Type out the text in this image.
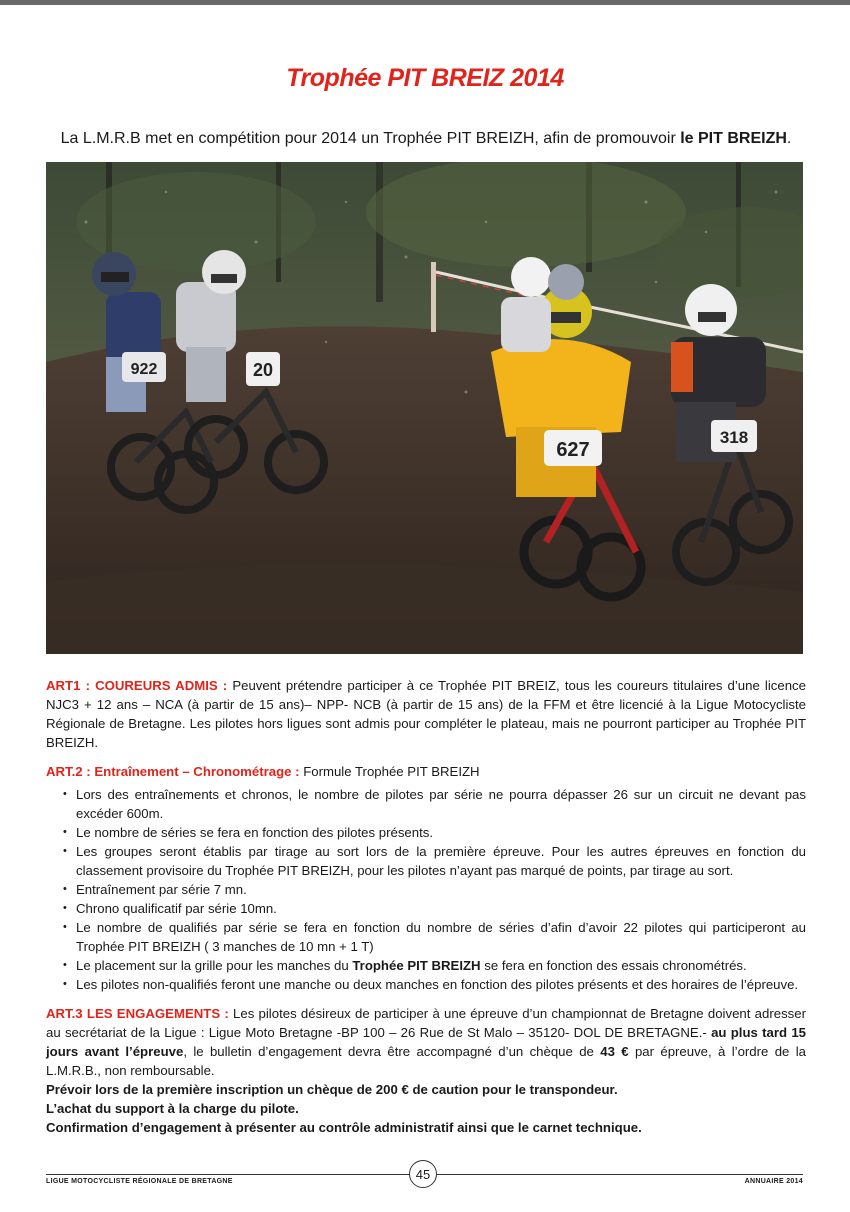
Trophée PIT BREIZ 2014
La L.M.R.B met en compétition pour 2014 un Trophée PIT BREIZH, afin de promouvoir le PIT BREIZH.
922	20
627
318

ART1 : COUREURS ADMIS : Peuvent prétendre participer à ce Trophée PIT BREIZ, tous les coureurs titulaires d’une licence NJC3 + 12 ans – NCA (à partir de 15 ans)– NPP- NCB (à partir de 15 ans) de la FFM et être licencié à la Ligue Motocycliste Régionale de Bretagne. Les pilotes hors ligues sont admis pour compléter le plateau, mais ne pourront participer au Trophée PIT BREIZH.

ART.2 : Entraînement – Chronométrage : Formule Trophée PIT BREIZH

• Lors des entraînements et chronos, le nombre de pilotes par série ne pourra dépasser 26 sur un circuit ne devant pas excéder 600m.
• Le nombre de séries se fera en fonction des pilotes présents.
• Les groupes seront établis par tirage au sort lors de la première épreuve. Pour les autres épreuves en fonction du classement provisoire du Trophée PIT BREIZH, pour les pilotes n’ayant pas marqué de points, par tirage au sort.
• Entraînement par série 7 mn.
• Chrono qualificatif par série 10mn.
• Le nombre de qualifiés par série se fera en fonction du nombre de séries d’afin d’avoir 22 pilotes qui participeront au Trophée PIT BREIZH ( 3 manches de 10 mn + 1 T)
• Le placement sur la grille pour les manches du Trophée PIT BREIZH se fera en fonction des essais chronométrés.
• Les pilotes non-qualifiés feront une manche ou deux manches en fonction des pilotes présents et des horaires de l’épreuve.

ART.3 LES ENGAGEMENTS : Les pilotes désireux de participer à une épreuve d’un championnat de Bretagne doivent adresser au secrétariat de la Ligue : Ligue Moto Bretagne -BP 100 – 26 Rue de St Malo – 35120- DOL DE BRETAGNE.- au plus tard 15 jours avant l’épreuve, le bulletin d’engagement devra être accompagné d’un chèque de 43 € par épreuve, à l’ordre de la L.M.R.B., non remboursable.

Prévoir lors de la première inscription un chèque de 200 € de caution pour le transpondeur.

L’achat du support à la charge du pilote.

Confirmation d’engagement à présenter au contrôle administratif ainsi que le carnet technique.

LIGUE MOTOCYCLISTE RÉGIONALE DE BRETAGNE	45	ANNUAIRE 2014
